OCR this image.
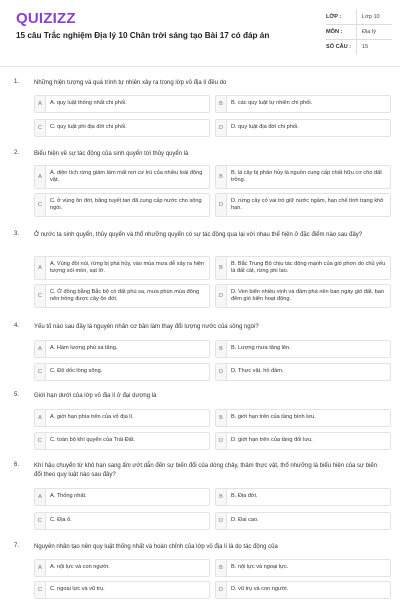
QUIZIZZ
15 câu Trắc nghiệm Địa lý 10 Chân trời sáng tạo Bài 17 có đáp án
LỚP :	Lớp 10
MÔN :	Địa lý
SỐ CÂU :	15
1. Những hiện tượng và quá trình tự nhiên xảy ra trong lớp vỏ địa lí đều do
A	A. quy luật thống nhất chi phối.	B	B. các quy luật tự nhiên chi phối.
C	C. quy luật phi địa đới chi phối.	D	D. quy luật địa đới chi phối.
2. Biểu hiện về sự tác động của sinh quyển tới thủy quyển là
A
A. diện tích rừng giảm làm mất nơi cư trú của nhiều loài động vật.	B
B. lá cây bị phân hủy là nguồn cung cấp chất hữu cơ cho đất trồng.
C
C. ở vùng ôn đới, băng tuyết tan đã cung cấp nước cho sông ngòi.	D
D. rừng cây có vai trò giữ nước ngầm, hạn chế tình trạng khô hạn.
3. Ở nước ta sinh quyển, thủy quyển và thổ nhưỡng quyển có sự tác động qua lại với nhau thể hiện ở đặc điểm nào sau đây?
A
A. Vùng đồi núi, rừng bị phá hủy, vào mùa mưa dễ xảy ra hiện tượng xói mòn, sạt lở.	B
B. Bắc Trung Bộ chịu tác động mạnh của gió phơn do chủ yếu là đất cát, rừng phi lao.
C
C. Ở đồng bằng Bắc bộ có đất phù sa, mưa phùn mùa đông nên trồng được cây ôn đới.	D
D. Ven biển nhiều vịnh và đầm phá nên ban ngày gió đất, ban đêm gió biển hoạt động.
4. Yếu tố nào sau đây là nguyên nhân cơ bản làm thay đổi lượng nước của sông ngòi?
A	A. Hàm lượng phù sa tăng.	B	B. Lượng mưa tăng lên.
C	C. Độ dốc lòng sông.	D	D. Thực vật, hồ đầm.
5. Giới hạn dưới của lớp vỏ địa lí ở đại dương là
A	A. giới hạn phía trên của vỏ địa lí.	B	B. giới hạn trên của tầng bình lưu.
C	C. toàn bộ khí quyển của Trái Đất.	D	D. giới hạn trên của tầng đối lưu.
6. Khí hậu chuyển từ khô hạn sang ẩm ướt dẫn đến sự biến đổi của dòng chảy, thảm thực vật, thổ nhưỡng là biểu hiện của sự biến đổi theo quy luật nào sau đây?
A	A. Thống nhất.	B	B. Địa đới.
C	C. Địa ô.	D	D. Đai cao.
7. Nguyên nhân tạo nên quy luật thống nhất và hoàn chỉnh của lớp vỏ địa lí là do tác động của
A	A. nội lực và con người.	B	B. nội lực và ngoại lực.
C	C. ngoại lực và vũ trụ.	D	D. vũ trụ và con người.
